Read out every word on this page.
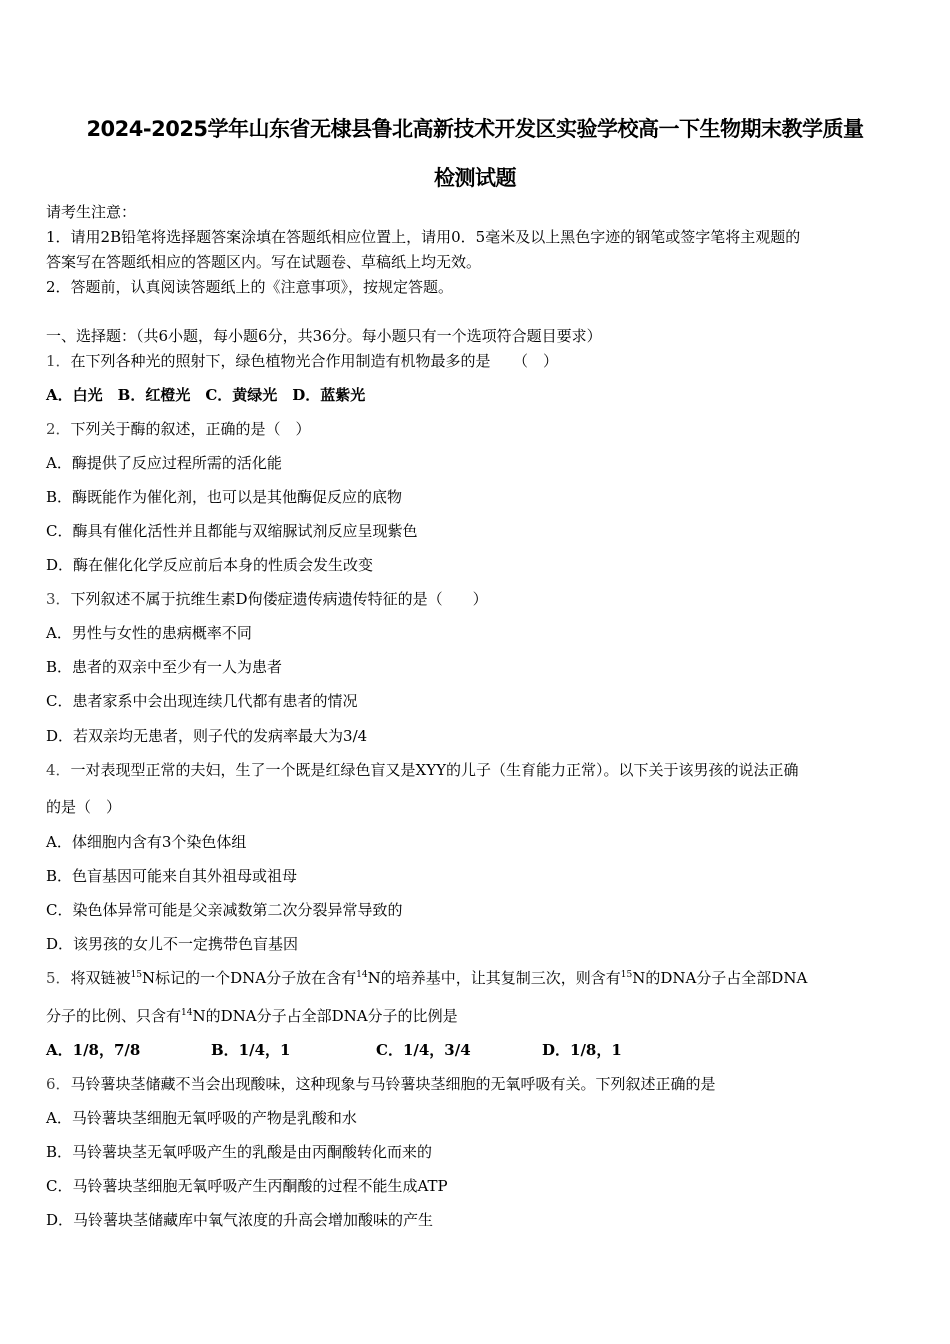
2024-2025学年山东省无棣县鲁北高新技术开发区实验学校高一下生物期末教学质量
检测试题
请考生注意：
1．请用2B铅笔将选择题答案涂填在答题纸相应位置上，请用0．5毫米及以上黑色字迹的钢笔或签字笔将主观题的
答案写在答题纸相应的答题区内。写在试题卷、草稿纸上均无效。
2．答题前，认真阅读答题纸上的《注意事项》，按规定答题。
一、选择题：（共6小题，每小题6分，共36分。每小题只有一个选项符合题目要求）
1．在下列各种光的照射下，绿色植物光合作用制造有机物最多的是　　（　）
A．白光　B．红橙光　C．黄绿光　D．蓝紫光
2．下列关于酶的叙述，正确的是（　）
A．酶提供了反应过程所需的活化能
B．酶既能作为催化剂，也可以是其他酶促反应的底物
C．酶具有催化活性并且都能与双缩脲试剂反应呈现紫色
D．酶在催化化学反应前后本身的性质会发生改变
3．下列叙述不属于抗维生素D佝偻症遗传病遗传特征的是（　　）
A．男性与女性的患病概率不同
B．患者的双亲中至少有一人为患者
C．患者家系中会出现连续几代都有患者的情况
D．若双亲均无患者，则子代的发病率最大为3/4
4．一对表现型正常的夫妇，生了一个既是红绿色盲又是XYY的儿子（生育能力正常）。以下关于该男孩的说法正确
的是（　）
A．体细胞内含有3个染色体组
B．色盲基因可能来自其外祖母或祖母
C．染色体异常可能是父亲减数第二次分裂异常导致的
D．该男孩的女儿不一定携带色盲基因
5．将双链被$^{15}$N标记的一个DNA分子放在含有$^{14}$N的培养基中，让其复制三次，则含有$^{15}$N的DNA分子占全部DNA
分子的比例、只含有$^{14}$N的DNA分子占全部DNA分子的比例是
A．1/8，7/8	B．1/4，1	C．1/4，3/4	D．1/8，1
6．马铃薯块茎储藏不当会出现酸味，这种现象与马铃薯块茎细胞的无氧呼吸有关。下列叙述正确的是
A．马铃薯块茎细胞无氧呼吸的产物是乳酸和水
B．马铃薯块茎无氧呼吸产生的乳酸是由丙酮酸转化而来的
C．马铃薯块茎细胞无氧呼吸产生丙酮酸的过程不能生成ATP
D．马铃薯块茎储藏库中氧气浓度的升高会增加酸味的产生
